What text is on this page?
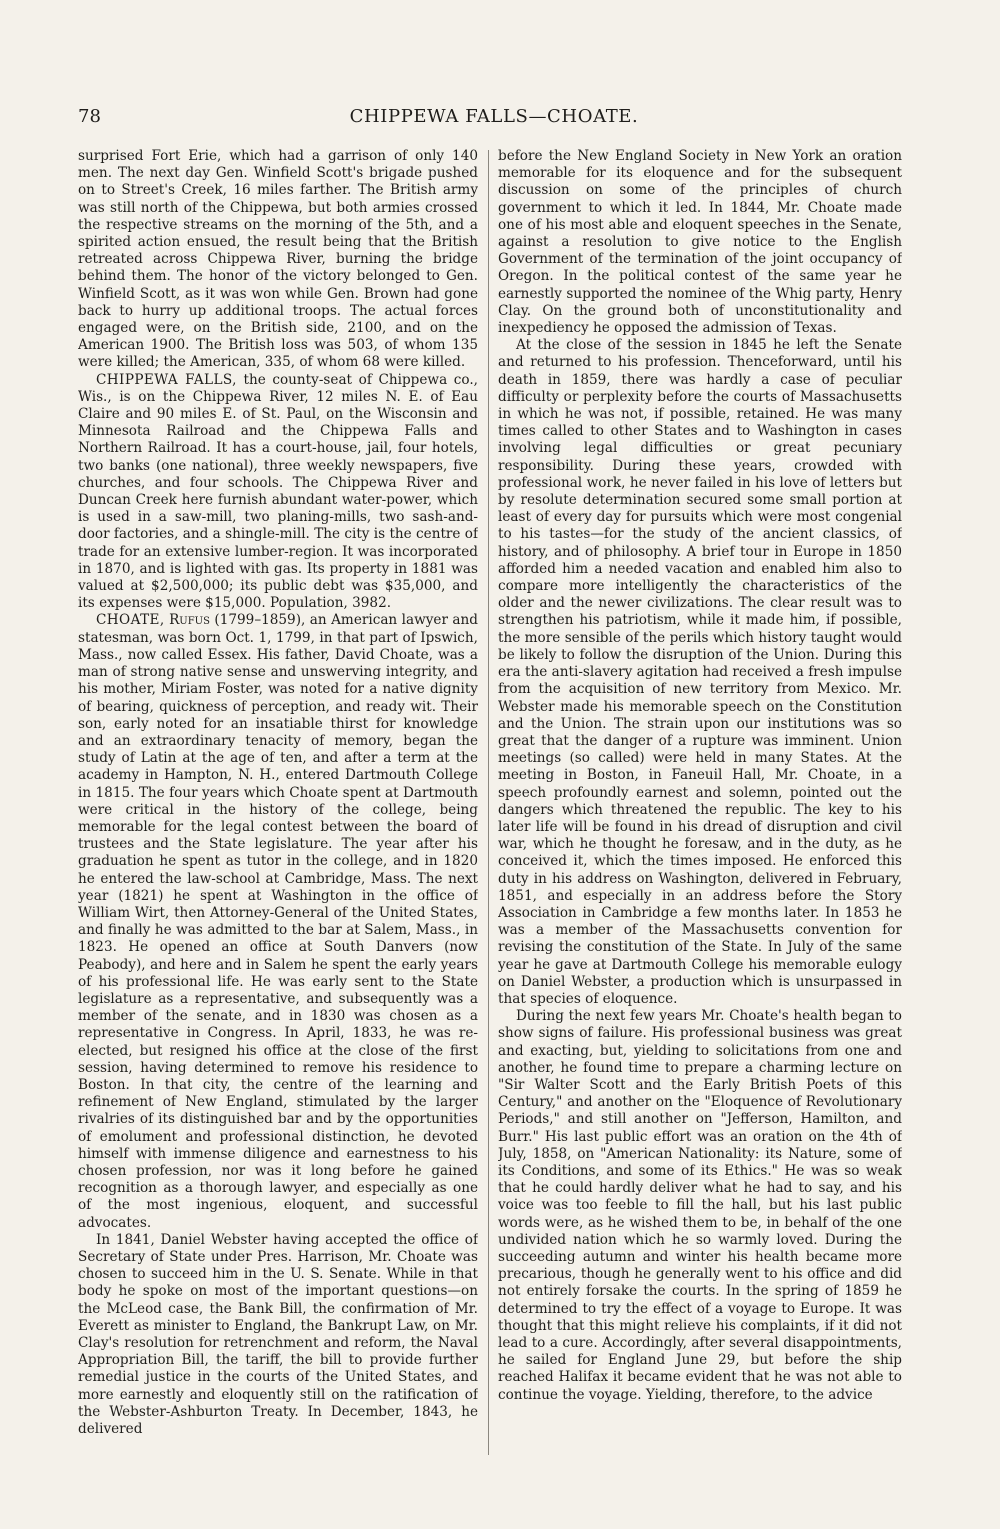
78	CHIPPEWA FALLS—CHOATE.

surprised Fort Erie, which had a garrison of only 140 men. The next day Gen. Winfield Scott's brigade pushed on to Street's Creek, 16 miles farther. The British army was still north of the Chippewa, but both armies crossed the respective streams on the morning of the 5th, and a spirited action ensued, the result being that the British retreated across Chippewa River, burning the bridge behind them. The honor of the victory belonged to Gen. Winfield Scott, as it was won while Gen. Brown had gone back to hurry up additional troops. The actual forces engaged were, on the British side, 2100, and on the American 1900. The British loss was 503, of whom 135 were killed; the American, 335, of whom 68 were killed.

CHIPPEWA FALLS, the county-seat of Chippewa co., Wis., is on the Chippewa River, 12 miles N. E. of Eau Claire and 90 miles E. of St. Paul, on the Wisconsin and Minnesota Railroad and the Chippewa Falls and Northern Railroad. It has a court-house, jail, four hotels, two banks (one national), three weekly newspapers, five churches, and four schools. The Chippewa River and Duncan Creek here furnish abundant water-power, which is used in a saw-mill, two planing-mills, two sash-and-door factories, and a shingle-mill. The city is the centre of trade for an extensive lumber-region. It was incorporated in 1870, and is lighted with gas. Its property in 1881 was valued at $2,500,000; its public debt was $35,000, and its expenses were $15,000. Population, 3982.

CHOATE, Rufus (1799–1859), an American lawyer and statesman, was born Oct. 1, 1799, in that part of Ipswich, Mass., now called Essex. His father, David Choate, was a man of strong native sense and unswerving integrity, and his mother, Miriam Foster, was noted for a native dignity of bearing, quickness of perception, and ready wit. Their son, early noted for an insatiable thirst for knowledge and an extraordinary tenacity of memory, began the study of Latin at the age of ten, and after a term at the academy in Hampton, N. H., entered Dartmouth College in 1815. The four years which Choate spent at Dartmouth were critical in the history of the college, being memorable for the legal contest between the board of trustees and the State legislature. The year after his graduation he spent as tutor in the college, and in 1820 he entered the law-school at Cambridge, Mass. The next year (1821) he spent at Washington in the office of William Wirt, then Attorney-General of the United States, and finally he was admitted to the bar at Salem, Mass., in 1823. He opened an office at South Danvers (now Peabody), and here and in Salem he spent the early years of his professional life. He was early sent to the State legislature as a representative, and subsequently was a member of the senate, and in 1830 was chosen as a representative in Congress. In April, 1833, he was re-elected, but resigned his office at the close of the first session, having determined to remove his residence to Boston. In that city, the centre of the learning and refinement of New England, stimulated by the larger rivalries of its distinguished bar and by the opportunities of emolument and professional distinction, he devoted himself with immense diligence and earnestness to his chosen profession, nor was it long before he gained recognition as a thorough lawyer, and especially as one of the most ingenious, eloquent, and successful advocates.

In 1841, Daniel Webster having accepted the office of Secretary of State under Pres. Harrison, Mr. Choate was chosen to succeed him in the U. S. Senate. While in that body he spoke on most of the important questions—on the McLeod case, the Bank Bill, the confirmation of Mr. Everett as minister to England, the Bankrupt Law, on Mr. Clay's resolution for retrenchment and reform, the Naval Appropriation Bill, the tariff, the bill to provide further remedial justice in the courts of the United States, and more earnestly and eloquently still on the ratification of the Webster-Ashburton Treaty. In December, 1843, he delivered

before the New England Society in New York an oration memorable for its eloquence and for the subsequent discussion on some of the principles of church government to which it led. In 1844, Mr. Choate made one of his most able and eloquent speeches in the Senate, against a resolution to give notice to the English Government of the termination of the joint occupancy of Oregon. In the political contest of the same year he earnestly supported the nominee of the Whig party, Henry Clay. On the ground both of unconstitutionality and inexpediency he opposed the admission of Texas.

At the close of the session in 1845 he left the Senate and returned to his profession. Thenceforward, until his death in 1859, there was hardly a case of peculiar difficulty or perplexity before the courts of Massachusetts in which he was not, if possible, retained. He was many times called to other States and to Washington in cases involving legal difficulties or great pecuniary responsibility. During these years, crowded with professional work, he never failed in his love of letters but by resolute determination secured some small portion at least of every day for pursuits which were most congenial to his tastes—for the study of the ancient classics, of history, and of philosophy. A brief tour in Europe in 1850 afforded him a needed vacation and enabled him also to compare more intelligently the characteristics of the older and the newer civilizations. The clear result was to strengthen his patriotism, while it made him, if possible, the more sensible of the perils which history taught would be likely to follow the disruption of the Union. During this era the anti-slavery agitation had received a fresh impulse from the acquisition of new territory from Mexico. Mr. Webster made his memorable speech on the Constitution and the Union. The strain upon our institutions was so great that the danger of a rupture was imminent. Union meetings (so called) were held in many States. At the meeting in Boston, in Faneuil Hall, Mr. Choate, in a speech profoundly earnest and solemn, pointed out the dangers which threatened the republic. The key to his later life will be found in his dread of disruption and civil war, which he thought he foresaw, and in the duty, as he conceived it, which the times imposed. He enforced this duty in his address on Washington, delivered in February, 1851, and especially in an address before the Story Association in Cambridge a few months later. In 1853 he was a member of the Massachusetts convention for revising the constitution of the State. In July of the same year he gave at Dartmouth College his memorable eulogy on Daniel Webster, a production which is unsurpassed in that species of eloquence.

During the next few years Mr. Choate's health began to show signs of failure. His professional business was great and exacting, but, yielding to solicitations from one and another, he found time to prepare a charming lecture on "Sir Walter Scott and the Early British Poets of this Century," and another on the "Eloquence of Revolutionary Periods," and still another on "Jefferson, Hamilton, and Burr." His last public effort was an oration on the 4th of July, 1858, on "American Nationality: its Nature, some of its Conditions, and some of its Ethics." He was so weak that he could hardly deliver what he had to say, and his voice was too feeble to fill the hall, but his last public words were, as he wished them to be, in behalf of the one undivided nation which he so warmly loved. During the succeeding autumn and winter his health became more precarious, though he generally went to his office and did not entirely forsake the courts. In the spring of 1859 he determined to try the effect of a voyage to Europe. It was thought that this might relieve his complaints, if it did not lead to a cure. Accordingly, after several disappointments, he sailed for England June 29, but before the ship reached Halifax it became evident that he was not able to continue the voyage. Yielding, therefore, to the advice
